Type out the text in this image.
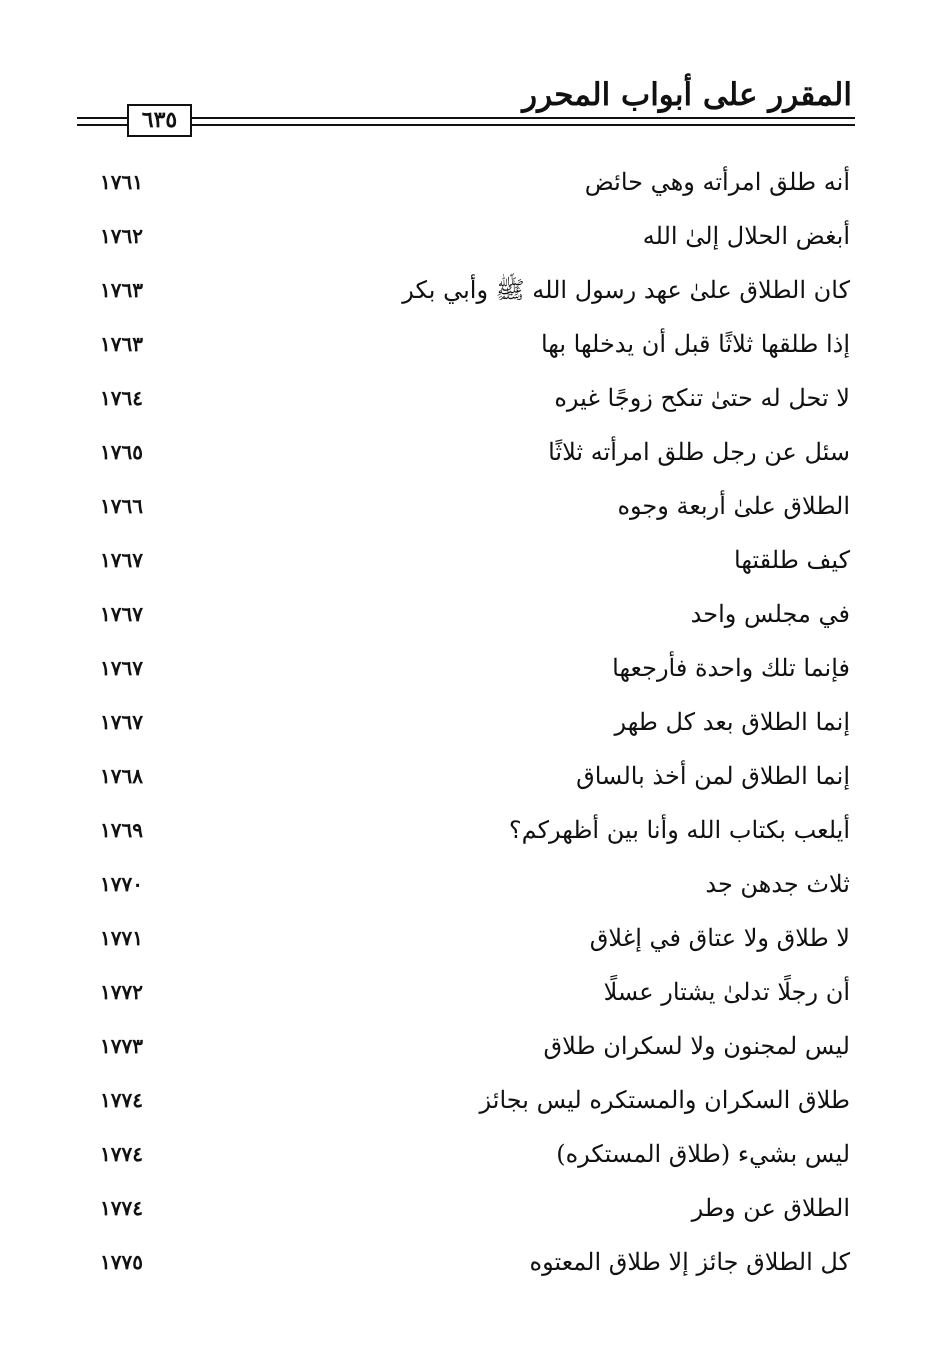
المقرر على أبواب المحرر
٦٣٥
أنه طلق امرأته وهي حائض
١٧٦١
أبغض الحلال إلىٰ الله
١٧٦٢
كان الطلاق علىٰ عهد رسول الله ﷺ وأبي بكر
١٧٦٣
إذا طلقها ثلاثًا قبل أن يدخلها بها
١٧٦٣
لا تحل له حتىٰ تنكح زوجًا غيره
١٧٦٤
سئل عن رجل طلق امرأته ثلاثًا
١٧٦٥
الطلاق علىٰ أربعة وجوه
١٧٦٦
كيف طلقتها
١٧٦٧
في مجلس واحد
١٧٦٧
فإنما تلك واحدة فأرجعها
١٧٦٧
إنما الطلاق بعد كل طهر
١٧٦٧
إنما الطلاق لمن أخذ بالساق
١٧٦٨
أيلعب بكتاب الله وأنا بين أظهركم؟
١٧٦٩
ثلاث جدهن جد
١٧٧٠
لا طلاق ولا عتاق في إغلاق
١٧٧١
أن رجلًا تدلىٰ يشتار عسلًا
١٧٧٢
ليس لمجنون ولا لسكران طلاق
١٧٧٣
طلاق السكران والمستكره ليس بجائز
١٧٧٤
ليس بشيء (طلاق المستكره)
١٧٧٤
الطلاق عن وطر
١٧٧٤
كل الطلاق جائز إلا طلاق المعتوه
١٧٧٥
